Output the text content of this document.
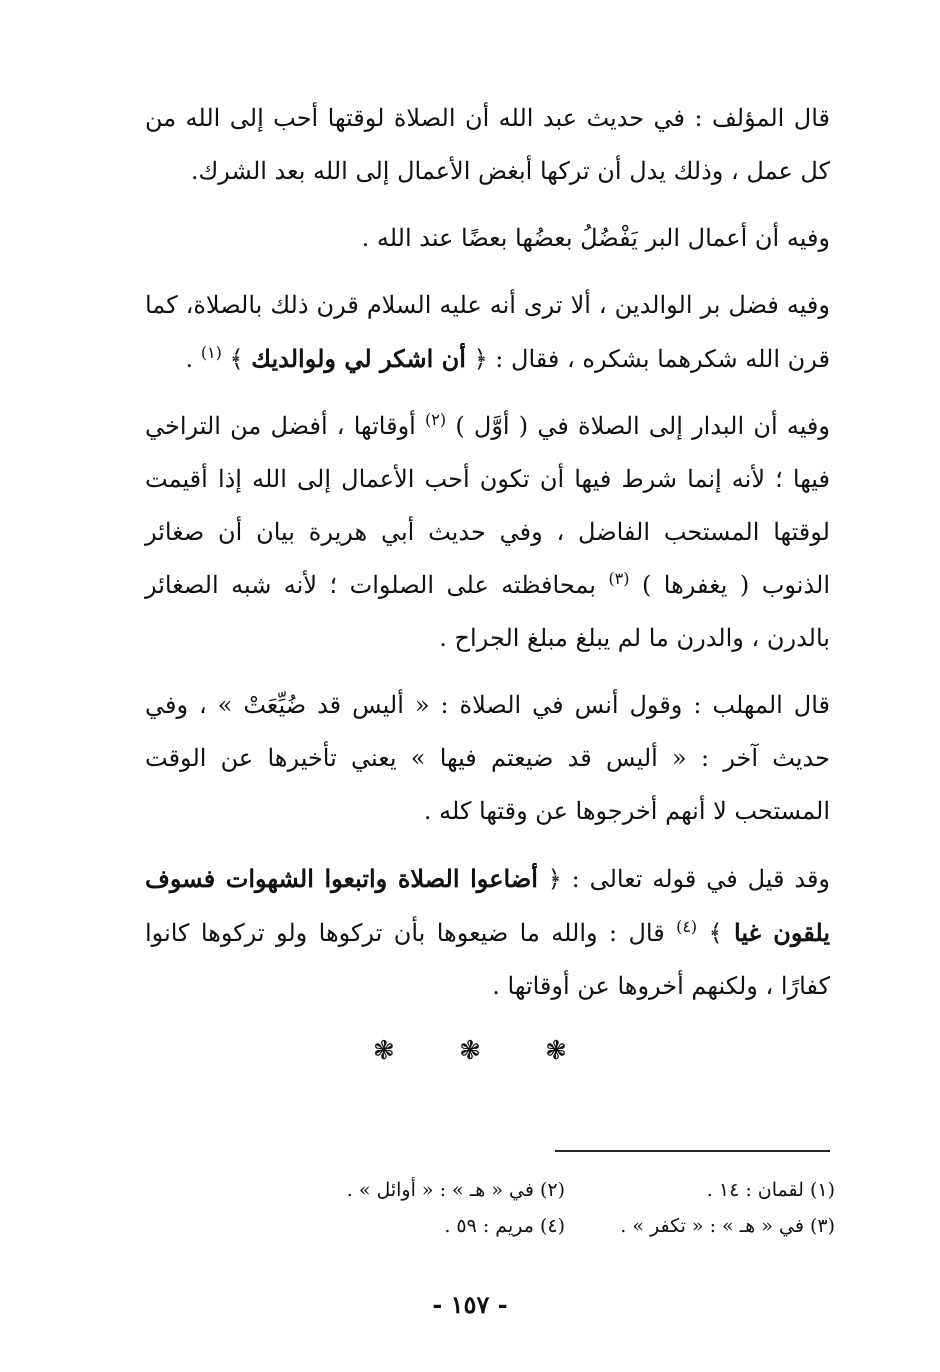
قال المؤلف : في حديث عبد الله أن الصلاة لوقتها أحب إلى الله من كل عمل ، وذلك يدل أن تركها أبغض الأعمال إلى الله بعد الشرك.

وفيه أن أعمال البر يَفْضُلُ بعضُها بعضًا عند الله .

وفيه فضل بر الوالدين ، ألا ترى أنه عليه السلام قرن ذلك بالصلاة، كما قرن الله شكرهما بشكره ، فقال : ﴿ أن اشكر لي ولوالديك ﴾ $^{(١)}$ .

وفيه أن البدار إلى الصلاة في ( أوَّل ) $^{(٢)}$ أوقاتها ، أفضل من التراخي فيها ؛ لأنه إنما شرط فيها أن تكون أحب الأعمال إلى الله إذا أقيمت لوقتها المستحب الفاضل ، وفي حديث أبي هريرة بيان أن صغائر الذنوب ( يغفرها ) $^{(٣)}$ بمحافظته على الصلوات ؛ لأنه شبه الصغائر بالدرن ، والدرن ما لم يبلغ مبلغ الجراح .

قال المهلب : وقول أنس في الصلاة : « أليس قد ضُيِّعَتْ » ، وفي حديث آخر : « أليس قد ضيعتم فيها » يعني تأخيرها عن الوقت المستحب لا أنهم أخرجوها عن وقتها كله .

وقد قيل في قوله تعالى : ﴿ أضاعوا الصلاة واتبعوا الشهوات فسوف يلقون غيا ﴾ $^{(٤)}$ قال : والله ما ضيعوها بأن تركوها ولو تركوها كانوا كفارًا ، ولكنهم أخروها عن أوقاتها .

❃ ❃ ❃
(١) لقمان : ١٤ .
(٢) في « هـ » : « أوائل » .
(٣) في « هـ » : « تكفر » .
(٤) مريم : ٥٩ .
- ١٥٧ -
